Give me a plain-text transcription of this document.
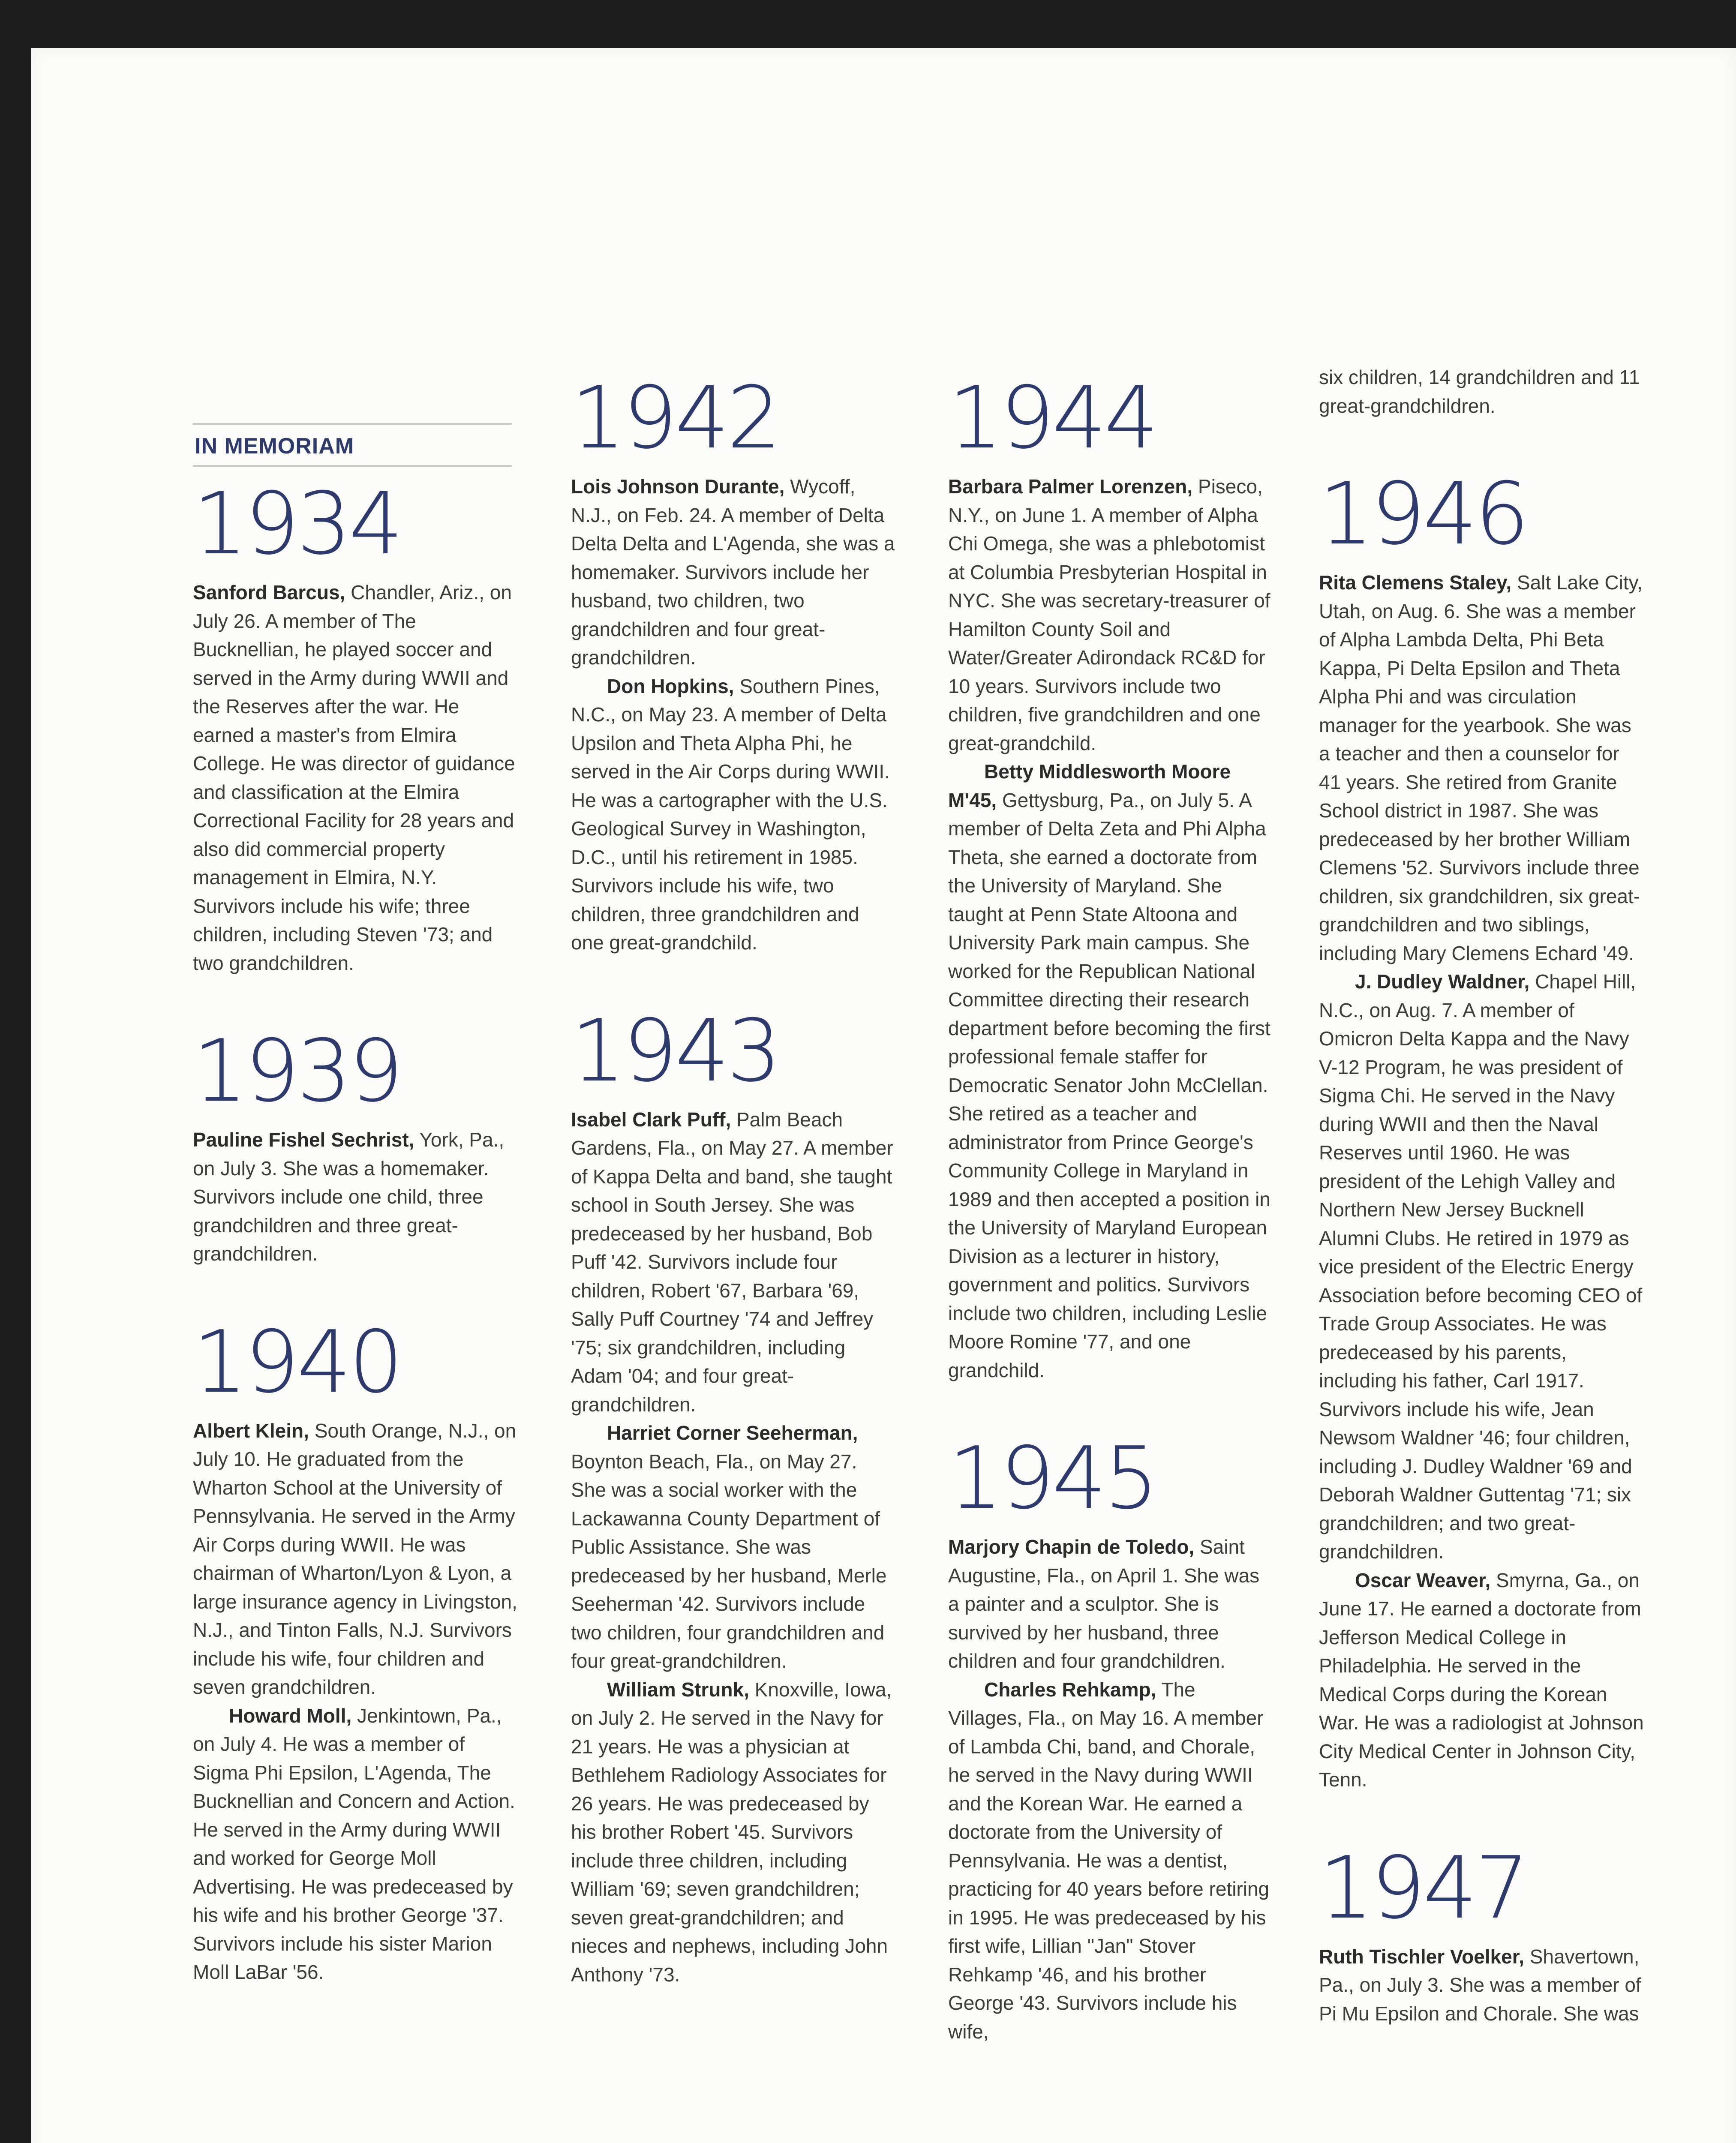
IN MEMORIAM
1934

Sanford Barcus, Chandler, Ariz., on July 26. A member of The Bucknellian, he played soccer and served in the Army during WWII and the Reserves after the war. He earned a master's from Elmira College. He was director of guidance and classification at the Elmira Correctional Facility for 28 years and also did commercial property management in Elmira, N.Y. Survivors include his wife; three children, including Steven '73; and two grandchildren.

1939

Pauline Fishel Sechrist, York, Pa., on July 3. She was a homemaker. Survivors include one child, three grandchildren and three great-grandchildren.

1940

Albert Klein, South Orange, N.J., on July 10. He graduated from the Wharton School at the University of Pennsylvania. He served in the Army Air Corps during WWII. He was chairman of Wharton/Lyon & Lyon, a large insurance agency in Livingston, N.J., and Tinton Falls, N.J. Survivors include his wife, four children and seven grandchildren.

Howard Moll, Jenkintown, Pa., on July 4. He was a member of Sigma Phi Epsilon, L'Agenda, The Bucknellian and Concern and Action. He served in the Army during WWII and worked for George Moll Advertising. He was predeceased by his wife and his brother George '37. Survivors include his sister Marion Moll LaBar '56.

1942

Lois Johnson Durante, Wycoff, N.J., on Feb. 24. A member of Delta Delta Delta and L'Agenda, she was a homemaker. Survivors include her husband, two children, two grandchildren and four great-grandchildren.

Don Hopkins, Southern Pines, N.C., on May 23. A member of Delta Upsilon and Theta Alpha Phi, he served in the Air Corps during WWII. He was a cartographer with the U.S. Geological Survey in Washington, D.C., until his retirement in 1985. Survivors include his wife, two children, three grandchildren and one great-grandchild.

1943

Isabel Clark Puff, Palm Beach Gardens, Fla., on May 27. A member of Kappa Delta and band, she taught school in South Jersey. She was predeceased by her husband, Bob Puff '42. Survivors include four children, Robert '67, Barbara '69, Sally Puff Courtney '74 and Jeffrey '75; six grandchildren, including Adam '04; and four great-grandchildren.

Harriet Corner Seeherman, Boynton Beach, Fla., on May 27. She was a social worker with the Lackawanna County Department of Public Assistance. She was predeceased by her husband, Merle Seeherman '42. Survivors include two children, four grandchildren and four great-grandchildren.

William Strunk, Knoxville, Iowa, on July 2. He served in the Navy for 21 years. He was a physician at Bethlehem Radiology Associates for 26 years. He was predeceased by his brother Robert '45. Survivors include three children, including William '69; seven grandchildren; seven great-grandchildren; and nieces and nephews, including John Anthony '73.

1944

Barbara Palmer Lorenzen, Piseco, N.Y., on June 1. A member of Alpha Chi Omega, she was a phlebotomist at Columbia Presbyterian Hospital in NYC. She was secretary-treasurer of Hamilton County Soil and Water/Greater Adirondack RC&D for 10 years. Survivors include two children, five grandchildren and one great-grandchild.

Betty Middlesworth Moore M'45, Gettysburg, Pa., on July 5. A member of Delta Zeta and Phi Alpha Theta, she earned a doctorate from the University of Maryland. She taught at Penn State Altoona and University Park main campus. She worked for the Republican National Committee directing their research department before becoming the first professional female staffer for Democratic Senator John McClellan. She retired as a teacher and administrator from Prince George's Community College in Maryland in 1989 and then accepted a position in the University of Maryland European Division as a lecturer in history, government and politics. Survivors include two children, including Leslie Moore Romine '77, and one grandchild.

1945

Marjory Chapin de Toledo, Saint Augustine, Fla., on April 1. She was a painter and a sculptor. She is survived by her husband, three children and four grandchildren.

Charles Rehkamp, The Villages, Fla., on May 16. A member of Lambda Chi, band, and Chorale, he served in the Navy during WWII and the Korean War. He earned a doctorate from the University of Pennsylvania. He was a dentist, practicing for 40 years before retiring in 1995. He was predeceased by his first wife, Lillian "Jan" Stover Rehkamp '46, and his brother George '43. Survivors include his wife,

six children, 14 grandchildren and 11 great-grandchildren.

1946

Rita Clemens Staley, Salt Lake City, Utah, on Aug. 6. She was a member of Alpha Lambda Delta, Phi Beta Kappa, Pi Delta Epsilon and Theta Alpha Phi and was circulation manager for the yearbook. She was a teacher and then a counselor for 41 years. She retired from Granite School district in 1987. She was predeceased by her brother William Clemens '52. Survivors include three children, six grandchildren, six great-grandchildren and two siblings, including Mary Clemens Echard '49.

J. Dudley Waldner, Chapel Hill, N.C., on Aug. 7. A member of Omicron Delta Kappa and the Navy V-12 Program, he was president of Sigma Chi. He served in the Navy during WWII and then the Naval Reserves until 1960. He was president of the Lehigh Valley and Northern New Jersey Bucknell Alumni Clubs. He retired in 1979 as vice president of the Electric Energy Association before becoming CEO of Trade Group Associates. He was predeceased by his parents, including his father, Carl 1917. Survivors include his wife, Jean Newsom Waldner '46; four children, including J. Dudley Waldner '69 and Deborah Waldner Guttentag '71; six grandchildren; and two great-grandchildren.

Oscar Weaver, Smyrna, Ga., on June 17. He earned a doctorate from Jefferson Medical College in Philadelphia. He served in the Medical Corps during the Korean War. He was a radiologist at Johnson City Medical Center in Johnson City, Tenn.

1947

Ruth Tischler Voelker, Shavertown, Pa., on July 3. She was a member of Pi Mu Epsilon and Chorale. She was
